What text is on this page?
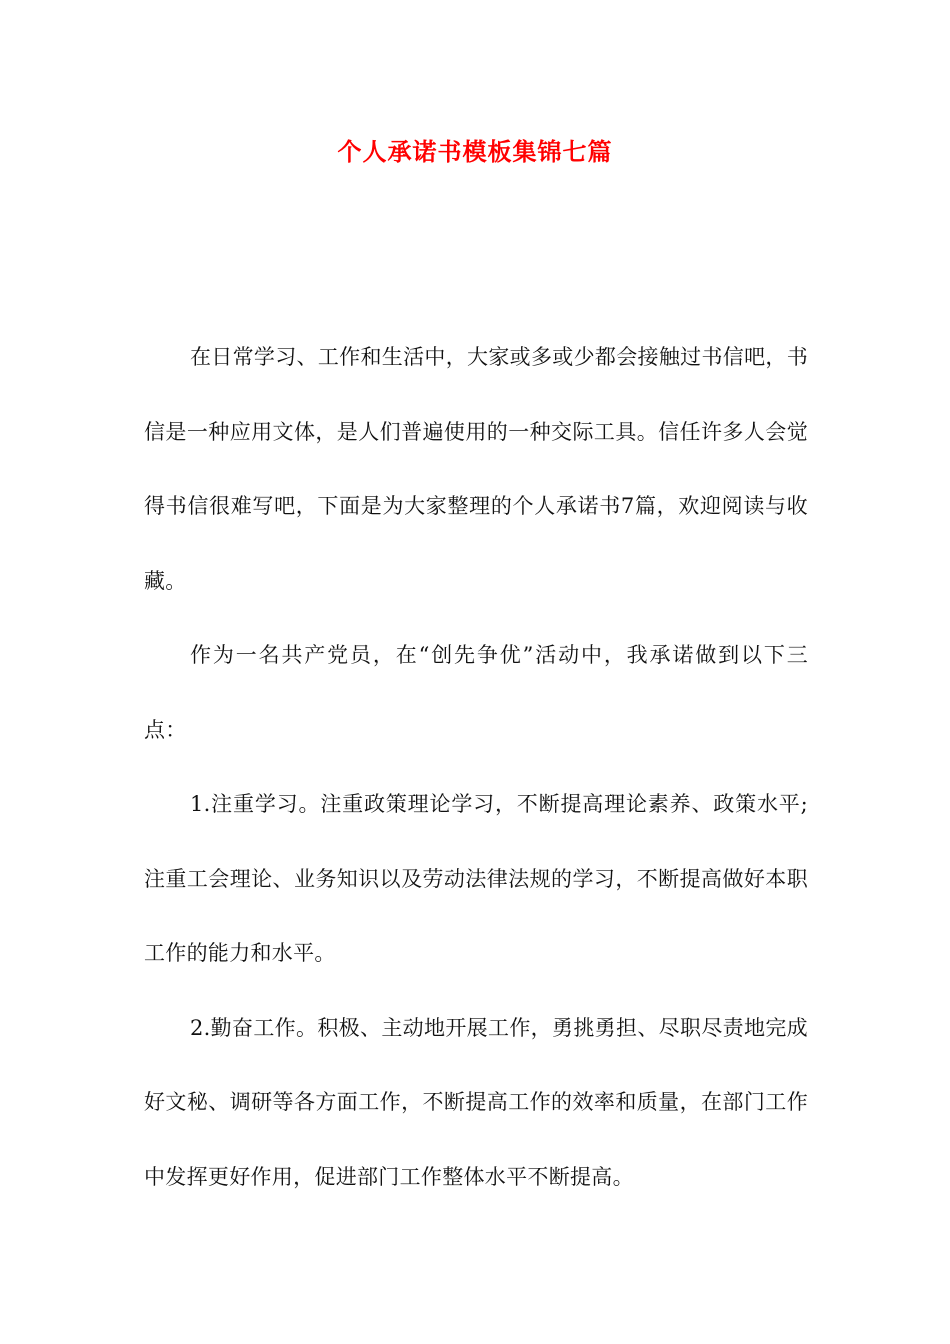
个人承诺书模板集锦七篇

在日常学习、工作和生活中，大家或多或少都会接触过书信吧，书信是一种应用文体，是人们普遍使用的一种交际工具。信任许多人会觉得书信很难写吧，下面是为大家整理的个人承诺书7篇，欢迎阅读与收藏。

作为一名共产党员，在“创先争优”活动中，我承诺做到以下三点：

1.注重学习。注重政策理论学习，不断提高理论素养、政策水平;注重工会理论、业务知识以及劳动法律法规的学习，不断提高做好本职工作的能力和水平。

2.勤奋工作。积极、主动地开展工作，勇挑勇担、尽职尽责地完成好文秘、调研等各方面工作，不断提高工作的效率和质量，在部门工作中发挥更好作用，促进部门工作整体水平不断提高。
